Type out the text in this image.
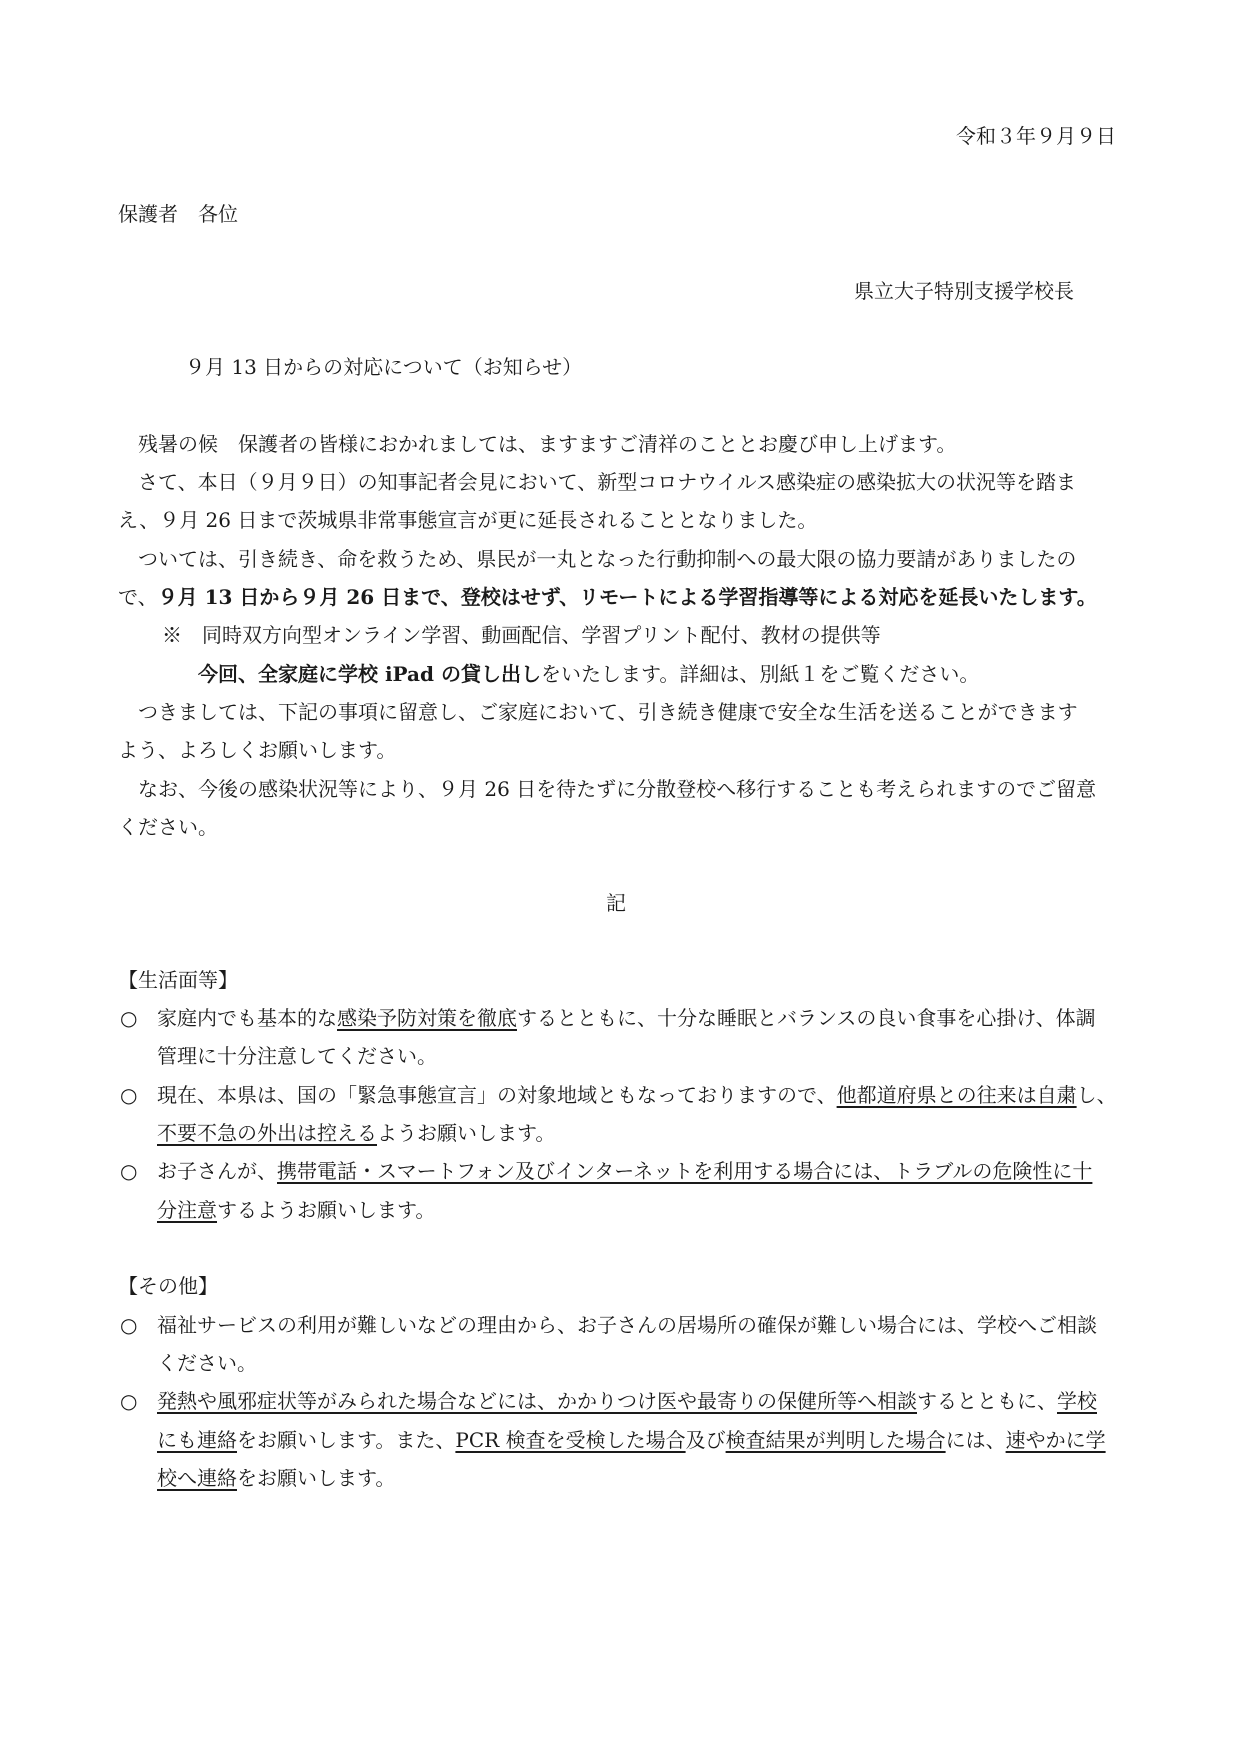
令和３年９月９日
保護者　各位
県立大子特別支援学校長
９月 13 日からの対応について（お知らせ）
残暑の候　保護者の皆様におかれましては、ますますご清祥のこととお慶び申し上げます。
さて、本日（９月９日）の知事記者会見において、新型コロナウイルス感染症の感染拡大の状況等を踏ま
え、９月 26 日まで茨城県非常事態宣言が更に延長されることとなりました。
ついては、引き続き、命を救うため、県民が一丸となった行動抑制への最大限の協力要請がありましたの
で、９月 13 日から９月 26 日まで、登校はせず、リモートによる学習指導等による対応を延長いたします。
※　同時双方向型オンライン学習、動画配信、学習プリント配付、教材の提供等
今回、全家庭に学校 iPad の貸し出しをいたします。詳細は、別紙１をご覧ください。
つきましては、下記の事項に留意し、ご家庭において、引き続き健康で安全な生活を送ることができます
よう、よろしくお願いします。
なお、今後の感染状況等により、９月 26 日を待たずに分散登校へ移行することも考えられますのでご留意
ください。
記
【生活面等】
○ 家庭内でも基本的な感染予防対策を徹底するとともに、十分な睡眠とバランスの良い食事を心掛け、体調
管理に十分注意してください。
○ 現在、本県は、国の「緊急事態宣言」の対象地域ともなっておりますので、他都道府県との往来は自粛し、
不要不急の外出は控えるようお願いします。
○ お子さんが、携帯電話・スマートフォン及びインターネットを利用する場合には、トラブルの危険性に十
分注意するようお願いします。
【その他】
○ 福祉サービスの利用が難しいなどの理由から、お子さんの居場所の確保が難しい場合には、学校へご相談
ください。
○ 発熱や風邪症状等がみられた場合などには、かかりつけ医や最寄りの保健所等へ相談するとともに、学校
にも連絡をお願いします。また、PCR 検査を受検した場合及び検査結果が判明した場合には、速やかに学
校へ連絡をお願いします。
